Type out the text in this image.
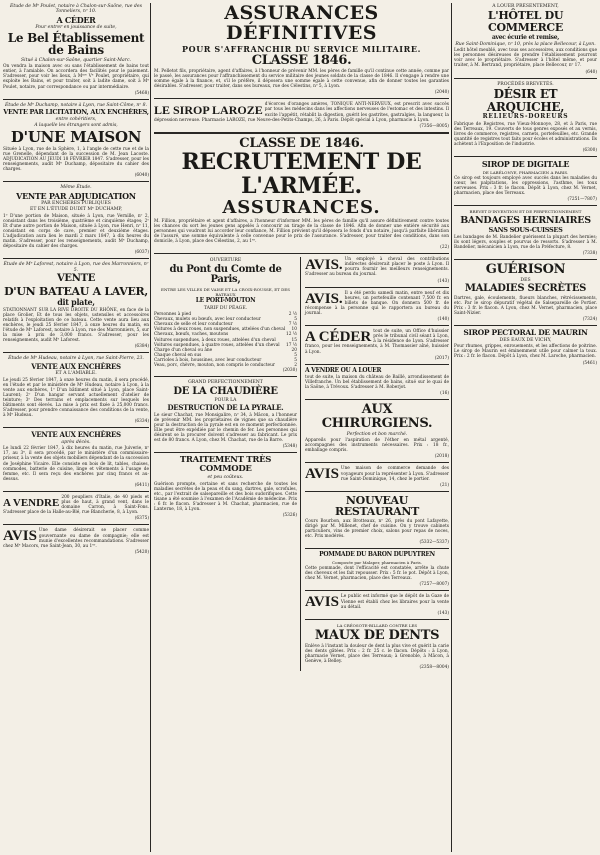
Étude de Mᵉ Poulet, notaire à Chalon-sur-Saône, rue des Tonneliers, nᵒ 10.

A CÉDER

Pour entrer en jouissance de suite,

Le Bel Établissement de Bains

Situé à Chalon-sur-Saône, quartier Saint-Marc.

On vendra la maison avec ou sans l'établissement de bains tout entier, à l'amiable. On accordera des facilités pour le paiement. S'adresser, pour voir les lieux, à Mᵐᵉ Vᵉ Poulet, propriétaire, qui exploite les Bains, et pour traiter, soit à ladite dame, soit à Mᵉ Poulet, notaire, par correspondance ou par intermédiaire.

(5468)

Étude de Mᵉ Duchamp, notaire à Lyon, rue Saint-Côme, nᵒ 8.

VENTE PAR LICITATION, AUX ENCHÈRES,

entre cohéritiers,

A laquelle les étrangers sont admis,

D'UNE MAISON

Située à Lyon, rue de la Sphère, 1, à l'angle de cette rue et de la rue Grenelle, dépendant de la succession de M. Jean Lacoste. ADJUDICATION AU JEUDI 18 FÉVRIER 1847. S'adresser, pour les renseignements, audit Mᵉ Duchamp, dépositaire du cahier des charges.

(6040)

Même Étude.

VENTE PAR ADJUDICATION

PAR ENCHÈRES PUBLIQUES

ET EN L'ÉTUDE DUDIT Mᵉ DUCHAMP,

1ᵒ D'une portion de Maison, située à Lyon, rue Vernille, nᵒ 2, consistant dans les troisième, quatrième et cinquième étages; 2ᵒ Et d'une autre portion de Maison, située à Lyon, rue Henri, nᵒ 11, consistant en corps de cave, premier et deuxième étages. L'adjudication aura lieu le mardi 2 mars 1847, à dix heures du matin. S'adresser, pour les renseignements, audit Mᵉ Duchamp, dépositaire du cahier des charges.

(6037)

Étude de Mᵉ Laforest, notaire à Lyon, rue des Marronniers, nᵒ 5.

VENTE

D'UN BATEAU A LAVER,

dit plate,

STATIONNANT SUR LA RIVE DROITE DU RHÔNE, en face de la place Grolier, Et de tous les objets, ustensiles et accessoires relatifs à l'exploitation de ce bateau. Cette vente aura lieu aux enchères, le jeudi 25 février 1847, à onze heures du matin, en l'étude de Mᵉ Laforest, notaire à Lyon, rue des Marronniers, 5, sur la mise à prix de 3,000 francs. S'adresser, pour les renseignements, audit Mᵉ Laforest.

(6384)

Étude de Mᵉ Hudeau, notaire à Lyon, rue Saint-Pierre, 23.

VENTE AUX ENCHÈRES

ET A L'AMIABLE.

Le jeudi 25 février 1847, à onze heures du matin, il sera procédé, en l'étude et par le ministère de Mᵉ Hudeau, notaire à Lyon, à la vente aux enchères, 1ᵒ D'un bâtiment situé à Lyon, place Saint-Laurent; 2ᵒ D'un hangar servant actuellement d'atelier de teinture; 3ᵒ Des terrains et emplacements sur lesquels les bâtiments sont élevés. La mise à prix est fixée à 25,000 francs. S'adresser, pour prendre connaissance des conditions de la vente, à Mᵉ Hudeau.

(6334)

VENTE AUX ENCHÈRES

après décès.

Le lundi 22 février 1847, à dix heures du matin, rue Juiverie, nᵒ 17, au 3ᵉ, il sera procédé, par le ministère d'un commissaire-priseur, à la vente des objets mobiliers dépendant de la succession de Joséphine Vicaire. Elle consiste en bois de lit, tables, chaises, commodes, batterie de cuisine, linge et vêtements à l'usage de femme, etc. Il sera reçu des enchères par cinq francs et au-dessus.

(6411)

A VENDRE 200 peupliers d'Italie, de 40 pieds et plus de haut, à grand vent, dans le domaine Carron, à Saint-Fons. S'adresser place de la Halle-au-Blé, rue Blancherie, 8, à Lyon.

(6375)

AVIS Une dame désirerait se placer comme gouvernante ou dame de compagnie; elle est munie d'excellentes recommandations. S'adresser chez Mᵉ Macors, rue Saint-Jean, 30, au 1ᵉʳ.

(5420)

ASSURANCES DÉFINITIVES

POUR S'AFFRANCHIR DU SERVICE MILITAIRE.

CLASSE 1846.

M. Pelletot fils, propriétaire, agent d'affaires, à l'honneur de prévenir MM. les pères de famille qu'il continue cette année, comme par le passé, les assurances pour l'affranchissement du service militaire des jeunes soldats de la classe de 1846. Il s'engage à rendre une somme égale à la finance, et, s'il le préfère, il déposera une somme égale à cette convenue, afin de donner toutes les garanties désirables. S'adresser, pour traiter, dans ses bureaux, rue des Célestins, nᵒ 5, à Lyon.

(2040)

LE SIROP LAROZE d'écorces d'oranges amères, TONIQUE ANTI-NERVEUX, est prescrit avec succès par tous les médecins dans les affections nerveuses de l'estomac et des intestins. Il excite l'appétit, rétablit la digestion, guérit les gastrites, gastralgies, la langueur, la dépression nerveuse. Pharmacie LAROZE, rue Neuve-des-Petits-Champs, 26, à Paris. Dépôt spécial à Lyon, pharmacie à Lyon.

(7356—8005)

CLASSE DE 1846.

RECRUTEMENT DE L'ARMÉE.

ASSURANCES.

M. Fillion, propriétaire et agent d'affaires, a l'honneur d'informer MM. les pères de famille qu'il assure définitivement contre toutes les chances du sort les jeunes gens appelés à concourir au tirage de la classe de 1846. Afin de donner une entière sécurité aux personnes qui voudront lui accorder leur confiance, M. Fillion prévient qu'il déposera le fonds d'un notaire, jusqu'à parfaite libération de l'assuré, une somme équivalente à celle convenue pour le prix de l'assurance. S'adresser, pour traiter des conditions, dans son domicile, à Lyon, place des Célestins, 2, au 1ᵉʳ.

(22)

OUVERTURE

du Pont du Comte de Paris,

ENTRE LES VILLES DE VAISE ET LA CROIX-ROUSSE, ET DES BATEAUX

LE PORT-MOUTON

TARIF DU PÉAGE.

Personnes à pied	2 ½
Chevaux, mulets ou bœufs, avec leur conducteur	5
Chevaux de selle et leur conducteur	7 ½
Voitures à deux roues, non suspendues, attelées d'un cheval	10
Chevaux, bœufs, vaches, moutons	12 ½
Voitures suspendues, à deux roues, attelées d'un cheval	15
Voitures suspendues, à quatre roues, attelées d'un cheval	17 ½
Charge d'un cheval ou âne	20
Chaque cheval en sus	5
Carrioles à bois, houssines, avec leur conducteur	5
Veau, porc, chèvre, mouton, non compris le conducteur	2

(2030)

GRAND PERFECTIONNEMENT

DE LA CHAUDIÈRE

POUR LA

DESTRUCTION DE LA PYRALE.

Le sieur Chachat, rue Monsigalire, nᵒ 34, à Mâcon, a l'honneur de prévenir MM. les propriétaires de vignes que sa chaudière pour la destruction de la pyrale est en ce moment perfectionnée. Elle peut être expédiée par le chemin de fer. Les personnes qui désirent se la procurer doivent s'adresser au fabricant. Le prix est de 80 francs. A Lyon, chez M. Chachat, rue de la Barre.

(5348)

TRAITEMENT TRÈS COMMODE

et peu coûteux.

Guérison prompte, certaine et sans recherche de toutes les maladies secrètes de la peau et du sang, dartres, gale, scrofules, etc., par l'extrait de salsepareille et des bois sudorifiques. Cette tisane a été soumise à l'examen de l'Académie de médecine. Prix : 6 fr. le flacon. S'adresser à M. Chachat, pharmacien, rue de Lanterne, 18, à Lyon.

(5326)

AVIS. Un employé à cheval des contributions indirectes désirerait placer le poste à Lyon. Il pourra fournir les meilleurs renseignements. S'adresser au bureau du journal.

(143)

AVIS. Il a été perdu samedi matin, entre neuf et dix heures, un portefeuille contenant 7,500 fr. en billets de banque. On donnera 500 fr. de récompense à la personne qui le rapportera au bureau du journal.

(140)

A CÉDER tout de suite, un Office d'huissier près le tribunal civil séant à Lyon, à la résidence de Lyon. S'adresser franco, pour les renseignements, à M. Thomassier aîné, huissier à Lyon.

(2017)

A VENDRE OU A LOUER

tout de suite, la maison du château de Baillé, arrondissement de Villefranche. Un bel établissement de bains, situé sur le quai de la Saône, à Trévoux. S'adresser à M. Roberjot.

(16)

AUX CHIRURGIENS.

Perfection et bon marché.

Appareils pour l'aspiration de l'éther en métal argenté, accompagnés des instruments nécessaires. Prix : 18 fr., emballage compris.

(2018)

AVIS Une maison de commerce demande des voyageurs pour la représenter à Lyon. S'adresser rue Saint-Dominique, 14, chez le portier.

(21)

NOUVEAU RESTAURANT

Cours Bourbon, aux Brotteaux, nᵒ 26, près du pont Lafayette, dirigé par M. Millenet, chef de cuisine. On y trouve cabinets particuliers, vins de premier choix, salons pour repas de noces, etc. Prix modérés.

(5332—5337)

POMMADE DU BARON DUPUYTREN

Composée par Malaper, pharmacien à Paris.

Cette pommade, dont l'efficacité est constatée, arrête la chute des cheveux et les fait repousser. Prix : 5 fr. le pot. Dépôt à Lyon, chez M. Vernet, pharmacien, place des Terreaux.

(7257—8007)

AVIS Le public est informé que le dépôt de la Gaze de Vienne est établi chez les libraires pour la vente au détail.

(143)

LA CRÉOSOTE-BILLARD CONTRE LES

MAUX DE DENTS

Enlève à l'instant la douleur de dent la plus vive et guérit la carie des dents gâtées. Prix : 2 fr. 25 c. le flacon. Dépôts : à Lyon, pharmacie Vernet, place des Terreaux; à Grenoble, à Mâcon, à Genève, à Belley.

(2358—8004)

A LOUER PRÉSENTEMENT,

L'HÔTEL DU COMMERCE

avec écurie et remise,

Rue Saint-Dominique, nᵒ 10, près la place Bellecour, à Lyon.

Ledit hôtel meublé, avec tous ses accessoires, aux conditions que les personnes désireuses de prendre l'établissement pourront voir avec le propriétaire. S'adresser à l'hôtel même, et pour traiter, à M. Bertrand, propriétaire, place Bellecour, nᵒ 17.

(640)

PROCÉDÉS BREVETÉS.

DÉSIR ET ARQUICHE,

RELIEURS-DOREURS

Fabrique de Registres, rue Vieux-Monnoye, 28, et à Paris, rue des Terreaux, 19. Couverts de tous genres exposés et au vernis, livres de commerce, registres, carnets, portefeuilles, etc. Grande quantité de registres tout faits pour écoles et administrations. Ils achètent à l'Exposition de l'industrie.

(6300)

SIROP DE DIGITALE

DE LABÉLONYE, PHARMACIEN A PARIS.

Ce sirop est toujours employé avec succès dans les maladies du cœur, les palpitations, les oppressions, l'asthme, les toux nerveuses. Prix : 3 fr. le flacon. Dépôt à Lyon, chez M. Vernet, pharmacien, place des Terreaux.

(7251—7807)

BREVET D'INVENTION ET DE PERFECTIONNEMENT

BANDAGES HERNIAIRES

SANS SOUS-CUISSES

Les bandages de M. Bandelier guérissent la plupart des hernies; ils sont légers, souples et pourvus de ressorts. S'adresser à M. Bandelier, mécanicien à Lyon, rue de la Préfecture, 8.

(7338)

GUÉRISON

DES

MALADIES SECRÈTES

Dartres, gale, écoulements, flueurs blanches, rétrécissements, etc. Par le sirop dépuratif végétal de Salsepareille de Portier. Prix : 3 fr. le flacon. A Lyon, chez M. Vernet, pharmacien, place Saint-Nizier.

(7324)

SIROP PECTORAL DE MAURIN

DES EAUX DE VICHY,

Pour rhumes, grippes, enrouements, et les affections de poitrine. Le sirop de Maurin est éminemment utile pour calmer la toux. Prix : 2 fr. le flacon. Dépôt à Lyon, chez M. Laroche, pharmacien.

(5461)
